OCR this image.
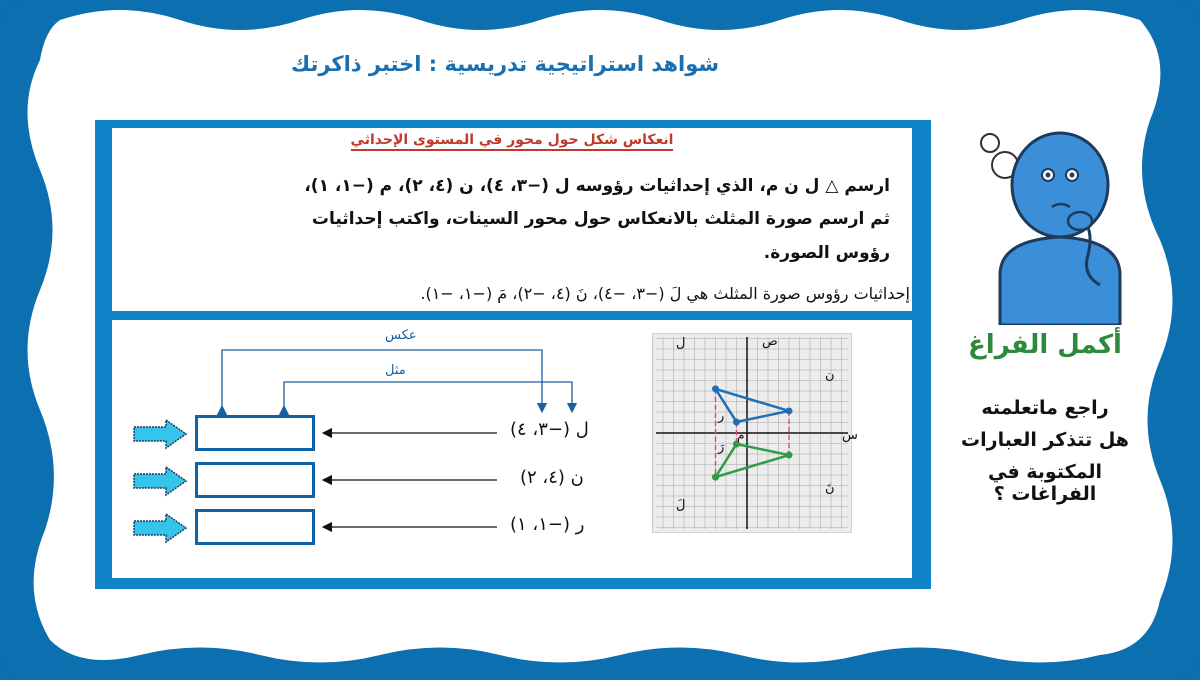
شواهد استراتيجية تدريسية : اختبر ذاكرتك
انعكاس شكل حول محور في المستوى الإحداثي
ارسم △ ل ن م، الذي إحداثيات رؤوسه ل (−٣، ٤)، ن (٤، ٢)، م (−١، ١)،
ثم ارسم صورة المثلث بالانعكاس حول محور السينات، واكتب إحداثيات
رؤوس الصورة.
إحداثيات رؤوس صورة المثلث هي لَ (−٣، −٤)، نَ (٤، −٢)، مَ (−١، −١).
عكس
مثل
ل (−٣، ٤)
ن (٤، ٢)
ر (−١، ١)
ص
س
م
ل
ن
ر
لَ
نَ
رَ
أكمل الفراغ
راجع ماتعلمته
هل تتذكر العبارات
المكتوبة في الفراغات ؟
